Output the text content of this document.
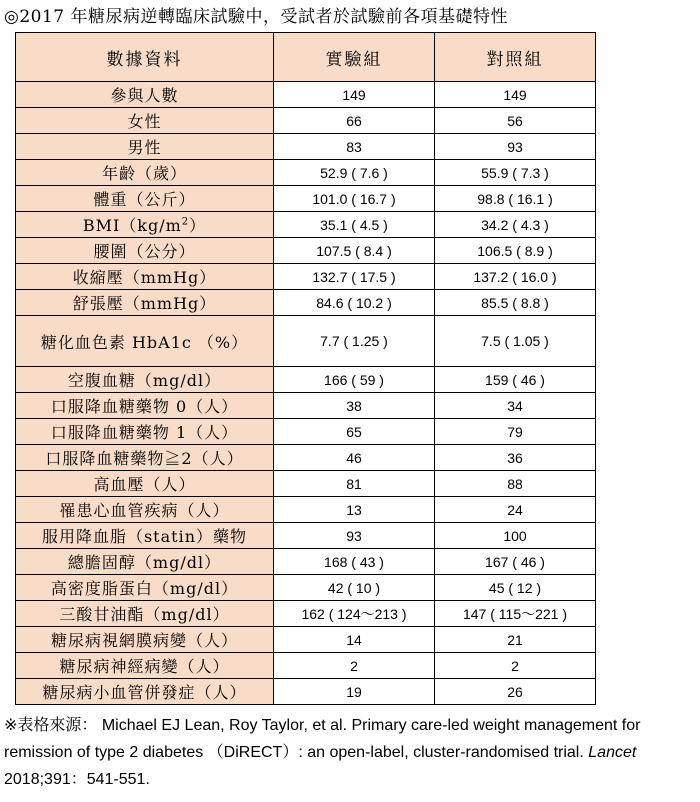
◎2017 年糖尿病逆轉臨床試驗中，受試者於試驗前各項基礎特性
數據資料	實驗組	對照組
參與人數	149	149
女性	66	56
男性	83	93
年齡（歲）	52.9 ( 7.6 )	55.9 ( 7.3 )
體重（公斤）	101.0 ( 16.7 )	98.8 ( 16.1 )
$BMI(kg/m^2)$	35.1 ( 4.5 )	34.2 ( 4.3 )
腰圍（公分）	107.5 ( 8.4 )	106.5 ( 8.9 )
收縮壓（mmHg）	132.7 ( 17.5 )	137.2 ( 16.0 )
舒張壓（mmHg）	84.6 ( 10.2 )	85.5 ( 8.8 )
糖化血色素 HbA1c （%）	7.7 ( 1.25 )	7.5 ( 1.05 )
空腹血糖（mg/dl）	166 ( 59 )	159 ( 46 )
口服降血糖藥物 0（人）	38	34
口服降血糖藥物 1（人）	65	79
口服降血糖藥物≧2（人）	46	36
高血壓（人）	81	88
罹患心血管疾病（人）	13	24
服用降血脂（statin）藥物	93	100
總膽固醇（mg/dl）	168 ( 43 )	167 ( 46 )
高密度脂蛋白（mg/dl）	42 ( 10 )	45 ( 12 )
三酸甘油酯（mg/dl）	162 ( 124～213 )	147 ( 115～221 )
糖尿病視網膜病變（人）	14	21
糖尿病神經病變（人）	2	2
糖尿病小血管併發症（人）	19	26
※表格來源： Michael EJ Lean, Roy Taylor, et al. Primary care-led weight management for remission of type 2 diabetes （DiRECT）: an open-label, cluster-randomised trial. Lancet 2018;391：541-551.
